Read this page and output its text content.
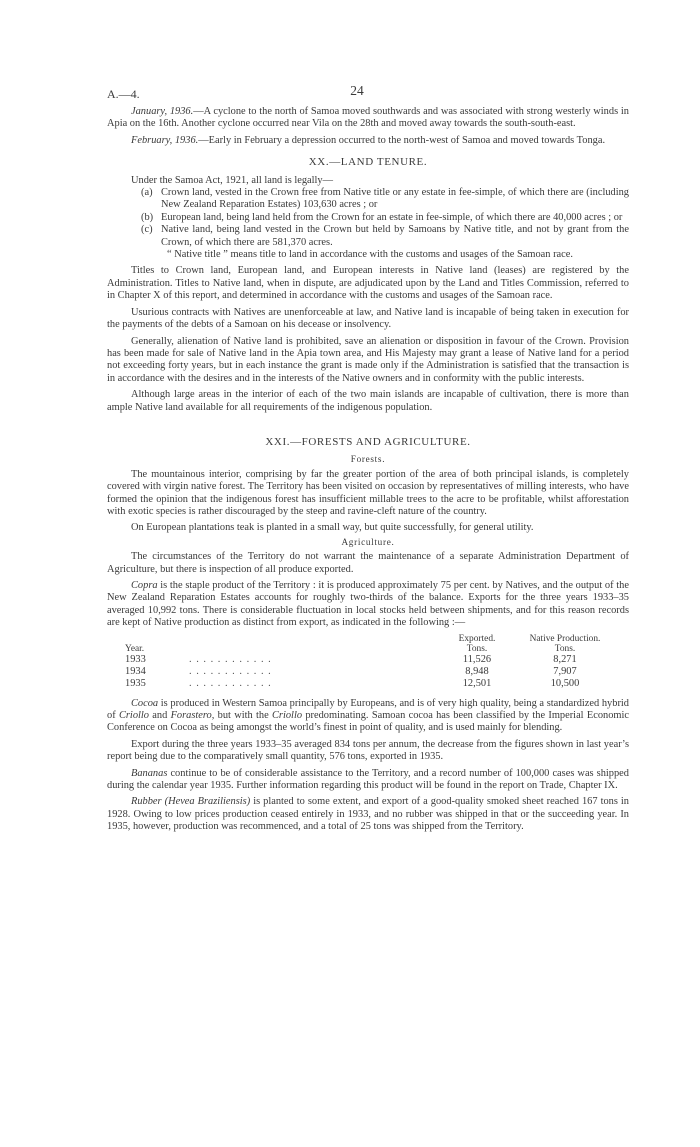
A.—4.	24

January, 1936.—A cyclone to the north of Samoa moved southwards and was associated with strong westerly winds in Apia on the 16th. Another cyclone occurred near Vila on the 28th and moved away towards the south-south-east.

February, 1936.—Early in February a depression occurred to the north-west of Samoa and moved towards Tonga.

XX.—LAND TENURE.

Under the Samoa Act, 1921, all land is legally—

(a) Crown land, vested in the Crown free from Native title or any estate in fee-simple, of which there are (including New Zealand Reparation Estates) 103,630 acres ; or
(b) European land, being land held from the Crown for an estate in fee-simple, of which there are 40,000 acres ; or
(c) Native land, being land vested in the Crown but held by Samoans by Native title, and not by grant from the Crown, of which there are 581,370 acres.
“ Native title ” means title to land in accordance with the customs and usages of the Samoan race.

Titles to Crown land, European land, and European interests in Native land (leases) are registered by the Administration. Titles to Native land, when in dispute, are adjudicated upon by the Land and Titles Commission, referred to in Chapter X of this report, and determined in accordance with the customs and usages of the Samoan race.

Usurious contracts with Natives are unenforceable at law, and Native land is incapable of being taken in execution for the payments of the debts of a Samoan on his decease or insolvency.

Generally, alienation of Native land is prohibited, save an alienation or disposition in favour of the Crown. Provision has been made for sale of Native land in the Apia town area, and His Majesty may grant a lease of Native land for a period not exceeding forty years, but in each instance the grant is made only if the Administration is satisfied that the transaction is in accordance with the desires and in the interests of the Native owners and in conformity with the public interests.

Although large areas in the interior of each of the two main islands are incapable of cultivation, there is more than ample Native land available for all requirements of the indigenous population.

XXI.—FORESTS AND AGRICULTURE.
Forests.

The mountainous interior, comprising by far the greater portion of the area of both principal islands, is completely covered with virgin native forest. The Territory has been visited on occasion by representatives of milling interests, who have formed the opinion that the indigenous forest has insufficient millable trees to the acre to be profitable, whilst afforestation with exotic species is rather discouraged by the steep and ravine-cleft nature of the country.

On European plantations teak is planted in a small way, but quite successfully, for general utility.

Agriculture.

The circumstances of the Territory do not warrant the maintenance of a separate Administration Department of Agriculture, but there is inspection of all produce exported.

Copra is the staple product of the Territory : it is produced approximately 75 per cent. by Natives, and the output of the New Zealand Reparation Estates accounts for roughly two-thirds of the balance. Exports for the three years 1933–35 averaged 10,992 tons. There is considerable fluctuation in local stocks held between shipments, and for this reason records are kept of Native production as distinct from export, as indicated in the following :—

		Exported.	Native Production.
Year.		Tons.	Tons.
1933	. . . . . . . . . . . .	11,526	8,271
1934	. . . . . . . . . . . .	8,948	7,907
1935	. . . . . . . . . . . .	12,501	10,500

Cocoa is produced in Western Samoa principally by Europeans, and is of very high quality, being a standardized hybrid of Criollo and Forastero, but with the Criollo predominating. Samoan cocoa has been classified by the Imperial Economic Conference on Cocoa as being amongst the world’s finest in point of quality, and is used mainly for blending.

Export during the three years 1933–35 averaged 834 tons per annum, the decrease from the figures shown in last year’s report being due to the comparatively small quantity, 576 tons, exported in 1935.

Bananas continue to be of considerable assistance to the Territory, and a record number of 100,000 cases was shipped during the calendar year 1935. Further information regarding this product will be found in the report on Trade, Chapter IX.

Rubber (Hevea Braziliensis) is planted to some extent, and export of a good-quality smoked sheet reached 167 tons in 1928. Owing to low prices production ceased entirely in 1933, and no rubber was shipped in that or the succeeding year. In 1935, however, production was recommenced, and a total of 25 tons was shipped from the Territory.
